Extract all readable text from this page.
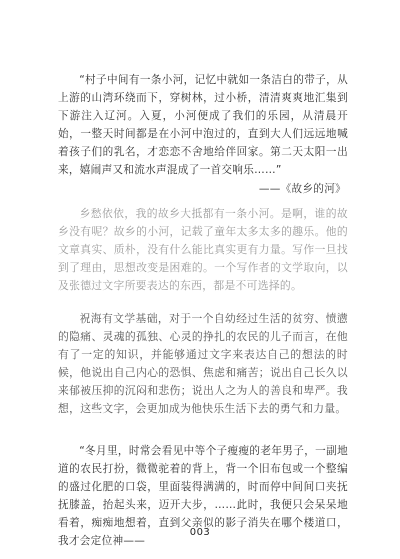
“村子中间有一条小河，记忆中就如一条洁白的带子，从上游的山湾环绕而下，穿树林，过小桥，清清爽爽地汇集到下游注入辽河。入夏，小河便成了我们的乐园，从清晨开始，一整天时间都是在小河中泡过的，直到大人们远远地喊着孩子们的乳名，才恋恋不舍地给伴回家。第二天太阳一出来，嬉闹声又和流水声混成了一首交响乐……”
——《故乡的河》

乡愁依依，我的故乡大抵都有一条小河。是啊，谁的故乡没有呢？故乡的小河，记载了童年太多太多的趣乐。他的文章真实、质朴，没有什么能比真实更有力量。写作一旦找到了理由，思想改变是困难的。一个写作者的文学取向，以及张德过文字所要表达的东西，都是不可选择的。

祝海有文学基础，对于一个自幼经过生活的贫穷、愤懑的隐痛、灵魂的孤独、心灵的挣扎的农民的儿子而言，在他有了一定的知识，并能够通过文字来表达自己的想法的时候，他说出自己内心的恐惧、焦虑和痛苦；说出自己长久以来郁被压抑的沉闷和悲伤；说出人之为人的善良和卑严。我想，这些文字，会更加成为他快乐生活下去的勇气和力量。

“冬月里，时常会看见中等个子瘦瘦的老年男子，一副地道的农民打扮，微微驼着的背上，背一个旧布包或一个整编的盛过化肥的口袋，里面装得满满的，时而停中间间口夹抚抚膝盖，抬起头来，迈开大步，……此时，我便只会呆呆地看着，痴痴地想着，直到父亲似的影子消失在哪个楼道口，我才会定位神——
003
